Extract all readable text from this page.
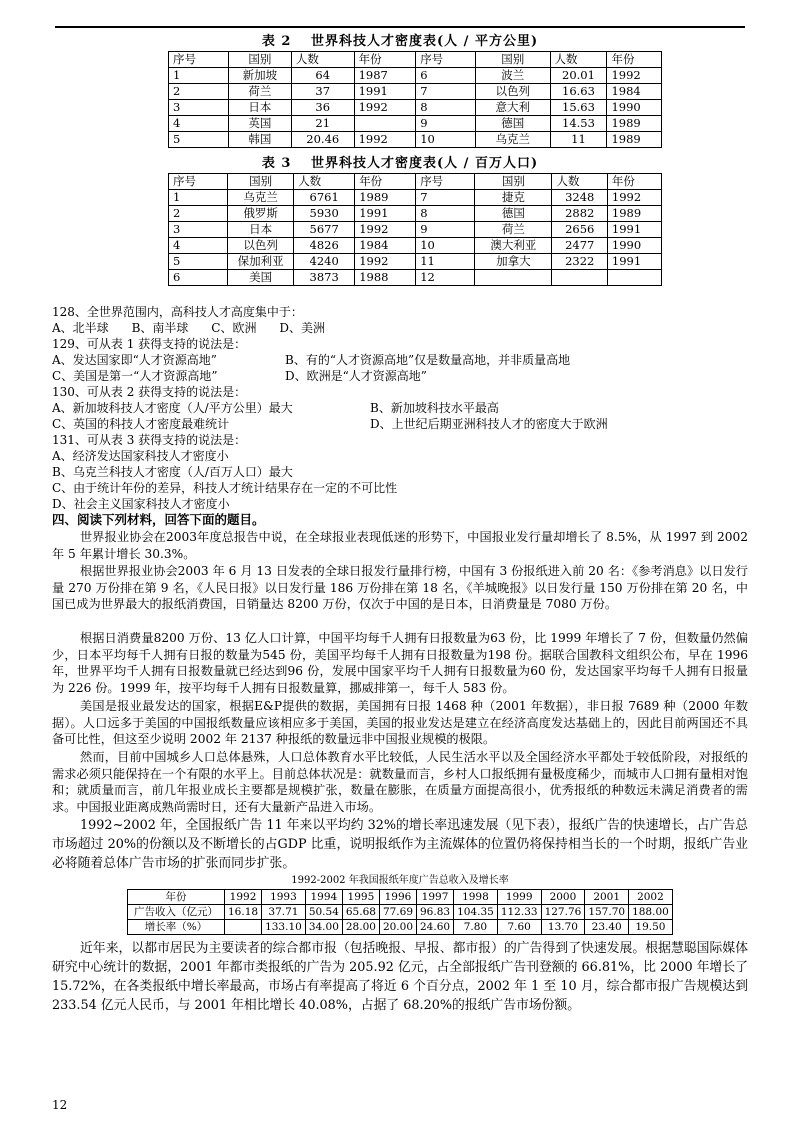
表 2　 世界科技人才密度表(人 / 平方公里)
序号	国别	人数	年份	序号	国别	人数	年份
1	新加坡	64	1987	6	波兰	20.01	1992
2	荷兰	37	1991	7	以色列	16.63	1984
3	日本	36	1992	8	意大利	15.63	1990
4	英国	21		9	德国	14.53	1989
5	韩国	20.46	1992	10	乌克兰	11	1989
表 3　 世界科技人才密度表(人 / 百万人口)
序号	国别	人数	年份	序号	国别	人数	年份
1	乌克兰	6761	1989	7	捷克	3248	1992
2	俄罗斯	5930	1991	8	德国	2882	1989
3	日本	5677	1992	9	荷兰	2656	1991
4	以色列	4826	1984	10	澳大利亚	2477	1990
5	保加利亚	4240	1992	11	加拿大	2322	1991
6	美国	3873	1988	12			
128、全世界范围内，高科技人才高度集中于：
A、北半球 B、南半球 C、欧洲 D、美洲
129、可从表 1 获得支持的说法是：
A、发达国家即“人才资源高地”	B、有的“人才资源高地”仅是数量高地，并非质量高地
C、美国是第一“人才资源高地”	D、欧洲是“人才资源高地”
130、可从表 2 获得支持的说法是：
A、新加坡科技人才密度（人/平方公里）最大	B、新加坡科技水平最高
C、英国的科技人才密度最难统计	D、上世纪后期亚洲科技人才的密度大于欧洲
131、可从表 3 获得支持的说法是：
A、经济发达国家科技人才密度小
B、乌克兰科技人才密度（人/百万人口）最大
C、由于统计年份的差异，科技人才统计结果存在一定的不可比性
D、社会主义国家科技人才密度小
四、阅读下列材料，回答下面的题目。
世界报业协会在2003年度总报告中说，在全球报业表现低迷的形势下，中国报业发行量却增长了 8.5%，从 1997 到 2002 年 5 年累计增长 30.3%。
根据世界报业协会2003 年 6 月 13 日发表的全球日报发行量排行榜，中国有 3 份报纸进入前 20 名：《参考消息》以日发行量 270 万份排在第 9 名，《人民日报》以日发行量 186 万份排在第 18 名，《羊城晚报》以日发行量 150 万份排在第 20 名，中国已成为世界最大的报纸消费国，日销量达 8200 万份，仅次于中国的是日本，日消费量是 7080 万份。
根据日消费量8200 万份、13 亿人口计算，中国平均每千人拥有日报数量为63 份，比 1999 年增长了 7 份，但数量仍然偏少，日本平均每千人拥有日报的数量为545 份，美国平均每千人拥有日报数量为198 份。据联合国教科文组织公布，早在 1996 年，世界平均千人拥有日报数量就已经达到96 份，发展中国家平均千人拥有日报数量为60 份，发达国家平均每千人拥有日报量为 226 份。1999 年，按平均每千人拥有日报数量算，挪威排第一，每千人 583 份。
美国是报业最发达的国家，根据E&P提供的数据，美国拥有日报 1468 种（2001 年数据），非日报 7689 种（2000 年数据）。人口远多于美国的中国报纸数量应该相应多于美国，美国的报业发达是建立在经济高度发达基础上的，因此目前两国还不具备可比性，但这至少说明 2002 年 2137 种报纸的数量远非中国报业规模的极限。
然而，目前中国城乡人口总体悬殊，人口总体教育水平比较低，人民生活水平以及全国经济水平都处于较低阶段，对报纸的需求必须只能保持在一个有限的水平上。目前总体状况是：就数量而言，乡村人口报纸拥有量极度稀少，而城市人口拥有量相对饱和；就质量而言，前几年报业成长主要都是规模扩张，数量在膨胀，在质量方面提高很小，优秀报纸的种数远未满足消费者的需求。中国报业距离成熟尚需时日，还有大量新产品进入市场。
1992~2002 年，全国报纸广告 11 年来以平均约 32%的增长率迅速发展（见下表），报纸广告的快速增长，占广告总市场超过 20%的份额以及不断增长的占GDP 比重，说明报纸作为主流媒体的位置仍将保持相当长的一个时期，报纸广告业必将随着总体广告市场的扩张而同步扩张。
1992-2002 年我国报纸年度广告总收入及增长率
年份	1992	1993	1994	1995	1996	1997	1998	1999	2000	2001	2002
广告收入（亿元）	16.18	37.71	50.54	65.68	77.69	96.83	104.35	112.33	127.76	157.70	188.00
增长率（%）		133.10	34.00	28.00	20.00	24.60	7.80	7.60	13.70	23.40	19.50
近年来，以都市居民为主要读者的综合都市报（包括晚报、早报、都市报）的广告得到了快速发展。根据慧聪国际媒体研究中心统计的数据，2001 年都市类报纸的广告为 205.92 亿元，占全部报纸广告刊登额的 66.81%，比 2000 年增长了 15.72%，在各类报纸中增长率最高，市场占有率提高了将近 6 个百分点，2002 年 1 至 10 月，综合都市报广告规模达到233.54 亿元人民币，与 2001 年相比增长 40.08%，占据了 68.20%的报纸广告市场份额。
12
